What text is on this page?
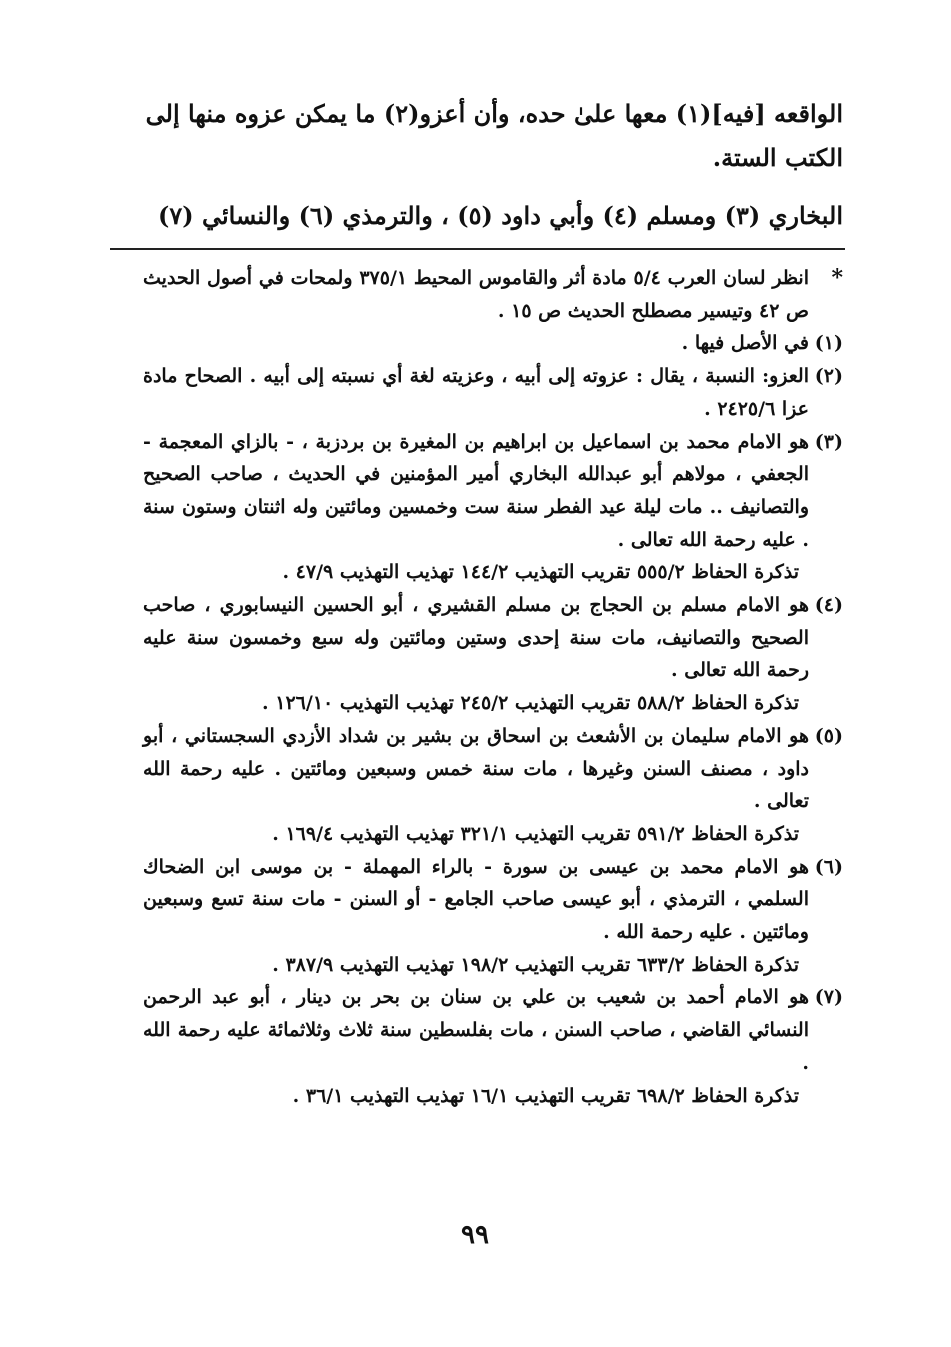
الواقعه [فيه](١) معها علىٰ حده، وأن أعزو(٢) ما يمكن عزوه منها إلى

الكتب الستة.

البخاري (٣) ومسلم (٤) وأبي داود (٥) ، والترمذي (٦) والنسائي (٧)
*
انظر لسان العرب ٥/٤ مادة أثر والقاموس المحيط ٣٧٥/١ ولمحات في أصول الحديث ص ٤٢ وتيسير مصطلح الحديث ص ١٥ .
(١)
في الأصل فيها .
(٢)
العزو: النسبة ، يقال : عزوته إلى أبيه ، وعزيته لغة أي نسبته إلى أبيه . الصحاح مادة عزا ٢٤٢٥/٦ .
(٣)
هو الامام محمد بن اسماعيل بن ابراهيم بن المغيرة بن بردزبة ، - بالزاي المعجمة - الجعفي ، مولاهم أبو عبدالله البخاري أمير المؤمنين في الحديث ، صاحب الصحيح والتصانيف .. مات ليلة عيد الفطر سنة ست وخمسين ومائتين وله اثنتان وستون سنة . عليه رحمة الله تعالى .
تذكرة الحفاظ ٥٥٥/٢ تقريب التهذيب ١٤٤/٢ تهذيب التهذيب ٤٧/٩ .
(٤)
هو الامام مسلم بن الحجاج بن مسلم القشيري ، أبو الحسين النيسابوري ، صاحب الصحيح والتصانيف، مات سنة إحدى وستين ومائتين وله سبع وخمسون سنة عليه رحمة الله تعالى .
تذكرة الحفاظ ٥٨٨/٢ تقريب التهذيب ٢٤٥/٢ تهذيب التهذيب ١٢٦/١٠ .
(٥)
هو الامام سليمان بن الأشعث بن اسحاق بن بشير بن شداد الأزدي السجستاني ، أبو داود ، مصنف السنن وغيرها ، مات سنة خمس وسبعين ومائتين . عليه رحمة الله تعالى .
تذكرة الحفاظ ٥٩١/٢ تقريب التهذيب ٣٢١/١ تهذيب التهذيب ١٦٩/٤ .
(٦)
هو الامام محمد بن عيسى بن سورة - بالراء المهملة - بن موسى ابن الضحاك السلمي ، الترمذي ، أبو عيسى صاحب الجامع - أو السنن - مات سنة تسع وسبعين ومائتين . عليه رحمة الله .
تذكرة الحفاظ ٦٣٣/٢ تقريب التهذيب ١٩٨/٢ تهذيب التهذيب ٣٨٧/٩ .
(٧)
هو الامام أحمد بن شعيب بن علي بن سنان بن بحر بن دينار ، أبو عبد الرحمن النسائي القاضي ، صاحب السنن ، مات بفلسطين سنة ثلاث وثلاثمائة عليه رحمة الله .
تذكرة الحفاظ ٦٩٨/٢ تقريب التهذيب ١٦/١ تهذيب التهذيب ٣٦/١ .
٩٩
